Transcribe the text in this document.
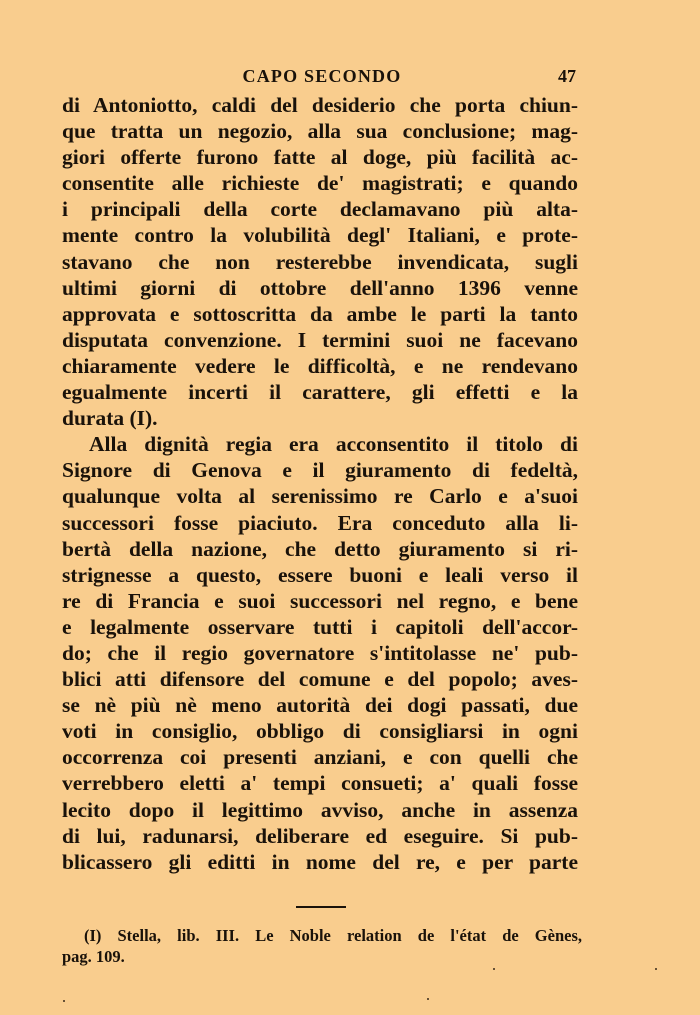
CAPO SECONDO	47
di Antoniotto, caldi del desiderio che porta chiun-
que tratta un negozio, alla sua conclusione; mag-
giori offerte furono fatte al doge, più facilità ac-
consentite alle richieste de' magistrati; e quando
i principali della corte declamavano più alta-
mente contro la volubilità degl' Italiani, e prote-
stavano che non resterebbe invendicata, sugli
ultimi giorni di ottobre dell'anno 1396 venne
approvata e sottoscritta da ambe le parti la tanto
disputata convenzione. I termini suoi ne facevano
chiaramente vedere le difficoltà, e ne rendevano
egualmente incerti il carattere, gli effetti e la
durata (I).
Alla dignità regia era acconsentito il titolo di
Signore di Genova e il giuramento di fedeltà,
qualunque volta al serenissimo re Carlo e a'suoi
successori fosse piaciuto. Era conceduto alla li-
bertà della nazione, che detto giuramento si ri-
strignesse a questo, essere buoni e leali verso il
re di Francia e suoi successori nel regno, e bene
e legalmente osservare tutti i capitoli dell'accor-
do; che il regio governatore s'intitolasse ne' pub-
blici atti difensore del comune e del popolo; aves-
se nè più nè meno autorità dei dogi passati, due
voti in consiglio, obbligo di consigliarsi in ogni
occorrenza coi presenti anziani, e con quelli che
verrebbero eletti a' tempi consueti; a' quali fosse
lecito dopo il legittimo avviso, anche in assenza
di lui, radunarsi, deliberare ed eseguire. Si pub-
blicassero gli editti in nome del re, e per parte
(I) Stella, lib. III. Le Noble relation de l'état de Gènes,
pag. 109.
